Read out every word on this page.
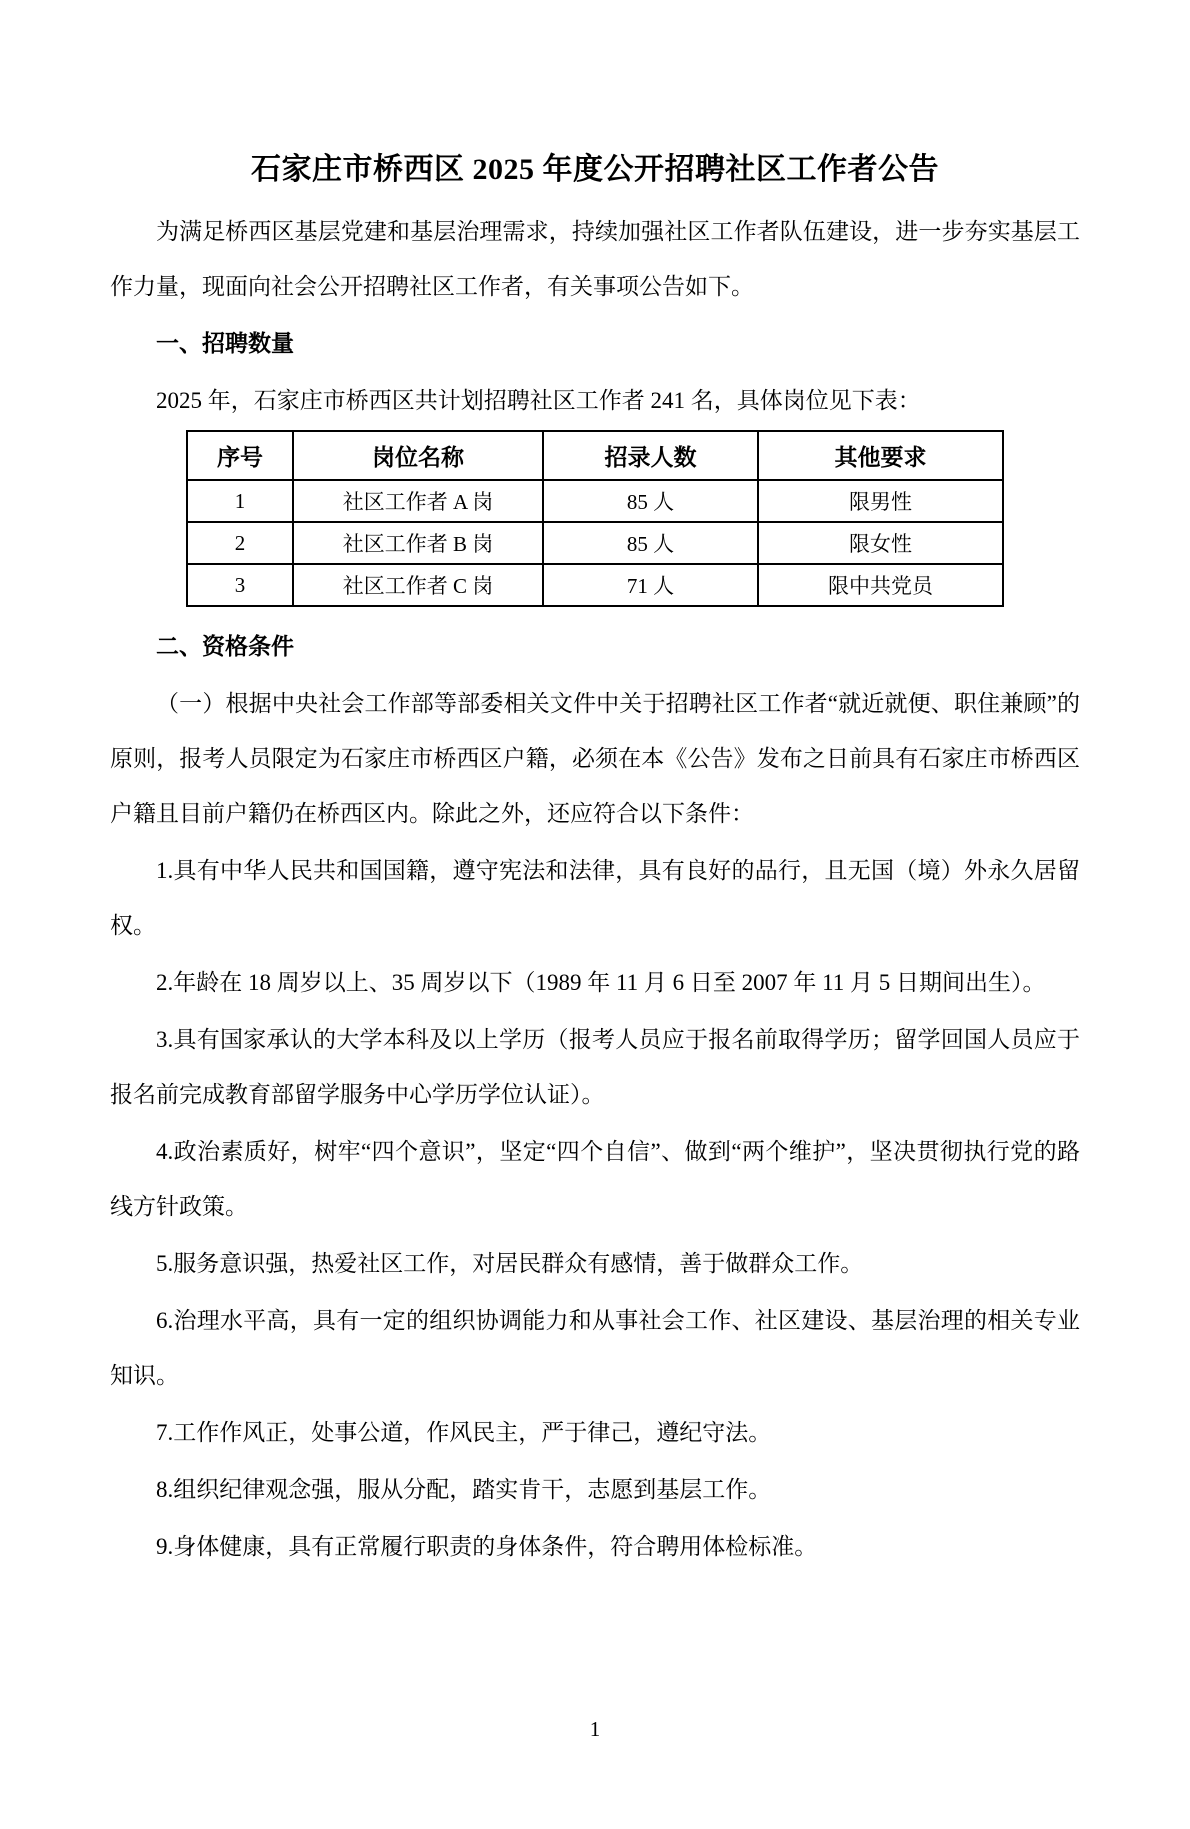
石家庄市桥西区 2025 年度公开招聘社区工作者公告

为满足桥西区基层党建和基层治理需求，持续加强社区工作者队伍建设，进一步夯实基层工作力量，现面向社会公开招聘社区工作者，有关事项公告如下。

一、招聘数量

2025 年，石家庄市桥西区共计划招聘社区工作者 241 名，具体岗位见下表：

序号	岗位名称	招录人数	其他要求
1	社区工作者 A 岗	85 人	限男性
2	社区工作者 B 岗	85 人	限女性
3	社区工作者 C 岗	71 人	限中共党员

二、资格条件

（一）根据中央社会工作部等部委相关文件中关于招聘社区工作者“就近就便、职住兼顾”的原则，报考人员限定为石家庄市桥西区户籍，必须在本《公告》发布之日前具有石家庄市桥西区户籍且目前户籍仍在桥西区内。除此之外，还应符合以下条件：

1.具有中华人民共和国国籍，遵守宪法和法律，具有良好的品行，且无国（境）外永久居留权。

2.年龄在 18 周岁以上、35 周岁以下（1989 年 11 月 6 日至 2007 年 11 月 5 日期间出生）。

3.具有国家承认的大学本科及以上学历（报考人员应于报名前取得学历；留学回国人员应于报名前完成教育部留学服务中心学历学位认证）。

4.政治素质好，树牢“四个意识”，坚定“四个自信”、做到“两个维护”，坚决贯彻执行党的路线方针政策。

5.服务意识强，热爱社区工作，对居民群众有感情，善于做群众工作。

6.治理水平高，具有一定的组织协调能力和从事社会工作、社区建设、基层治理的相关专业知识。

7.工作作风正，处事公道，作风民主，严于律己，遵纪守法。

8.组织纪律观念强，服从分配，踏实肯干，志愿到基层工作。

9.身体健康，具有正常履行职责的身体条件，符合聘用体检标准。

1
